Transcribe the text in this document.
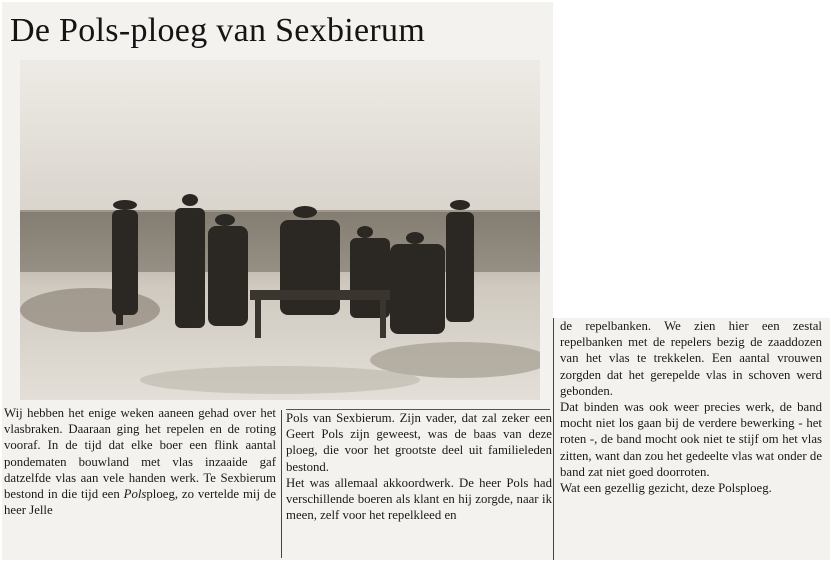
De Pols-ploeg van Sexbierum

Wij hebben het enige weken aaneen gehad over het vlasbraken. Daaraan ging het repelen en de roting vooraf. In de tijd dat elke boer een flink aantal pondematen bouwland met vlas inzaaide gaf datzelfde vlas aan vele handen werk. Te Sexbierum bestond in die tijd een Polsploeg, zo vertelde mij de heer Jelle

Pols van Sexbierum. Zijn vader, dat zal zeker een Geert Pols zijn geweest, was de baas van deze ploeg, die voor het grootste deel uit familieleden bestond.

Het was allemaal akkoordwerk. De heer Pols had verschillende boeren als klant en hij zorgde, naar ik meen, zelf voor het repelkleed en

de repelbanken. We zien hier een zestal repelbanken met de repelers bezig de zaaddozen van het vlas te trekkelen. Een aantal vrouwen zorgden dat het gerepelde vlas in schoven werd gebonden.

Dat binden was ook weer precies werk, de band mocht niet los gaan bij de verdere bewerking - het roten -, de band mocht ook niet te stijf om het vlas zitten, want dan zou het gedeelte vlas wat onder de band zat niet goed doorroten.

Wat een gezellig gezicht, deze Polsploeg.
